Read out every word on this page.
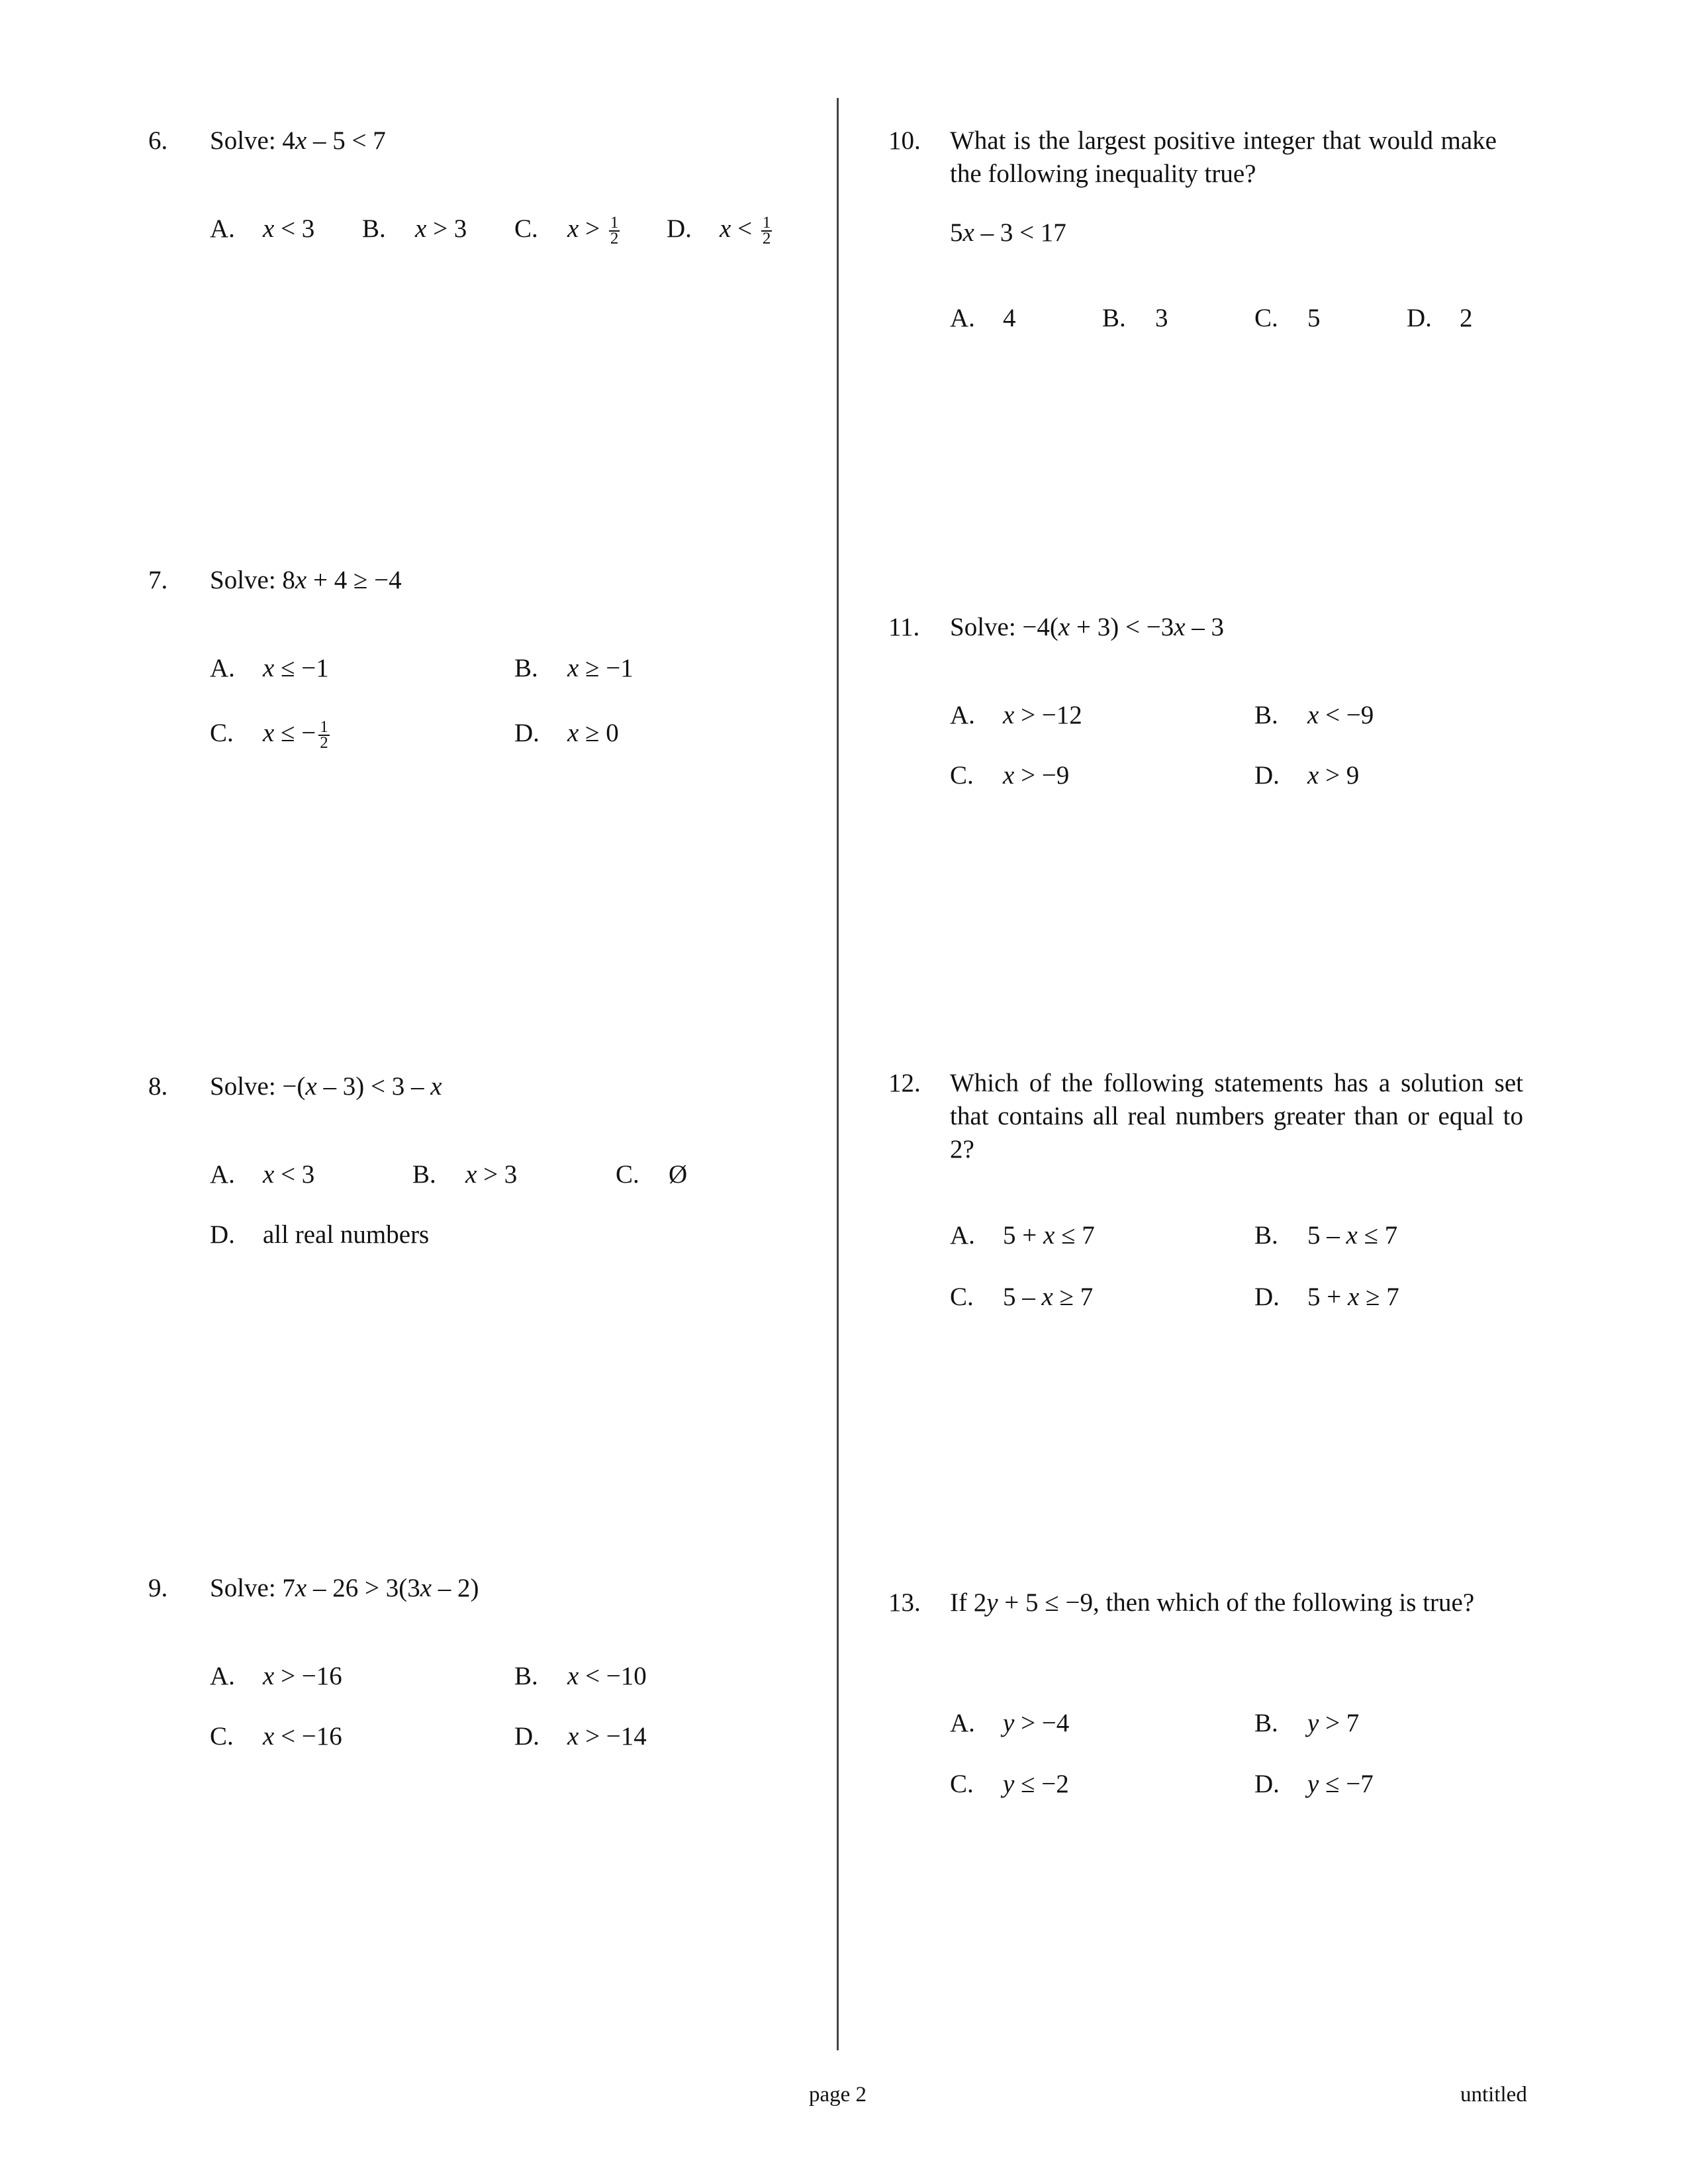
6. Solve: 4x – 5 < 7
A. x < 3 B. x > 3 C. $x > \frac{1}{2} D$. $x < \frac{1}{2}$
7. Solve: 8x + 4 ≥ −4
A. x ≤ −1	B. x ≥ −1
C. x ≤ − $\frac{1}{2}$	D. x ≥ 0
8. Solve: −(x – 3) < 3 – x
A. x < 3	B. x > 3	C. Ø
D. all real numbers
9. Solve: 7x – 26 > 3(3x – 2)
A. x > −16	B. x < −10
C. x < −16	D. x > −14
10. What is the largest positive integer that would make the following inequality true?
5x – 3 < 17
A. 4	B. 3	C. 5	D. 2
11. Solve: −4(x + 3) < −3x – 3
A. x > −12	B. x < −9
C. x > −9	D. x > 9
12. Which of the following statements has a solution set that contains all real numbers greater than or equal to 2?
A. 5 + x ≤ 7	B. 5 – x ≤ 7
C. 5 – x ≥ 7	D. 5 + x ≥ 7
13. If 2y + 5 ≤ −9, then which of the following is true?
A. y > −4	B. y > 7
C. y ≤ −2	D. y ≤ −7
page 2	untitled
